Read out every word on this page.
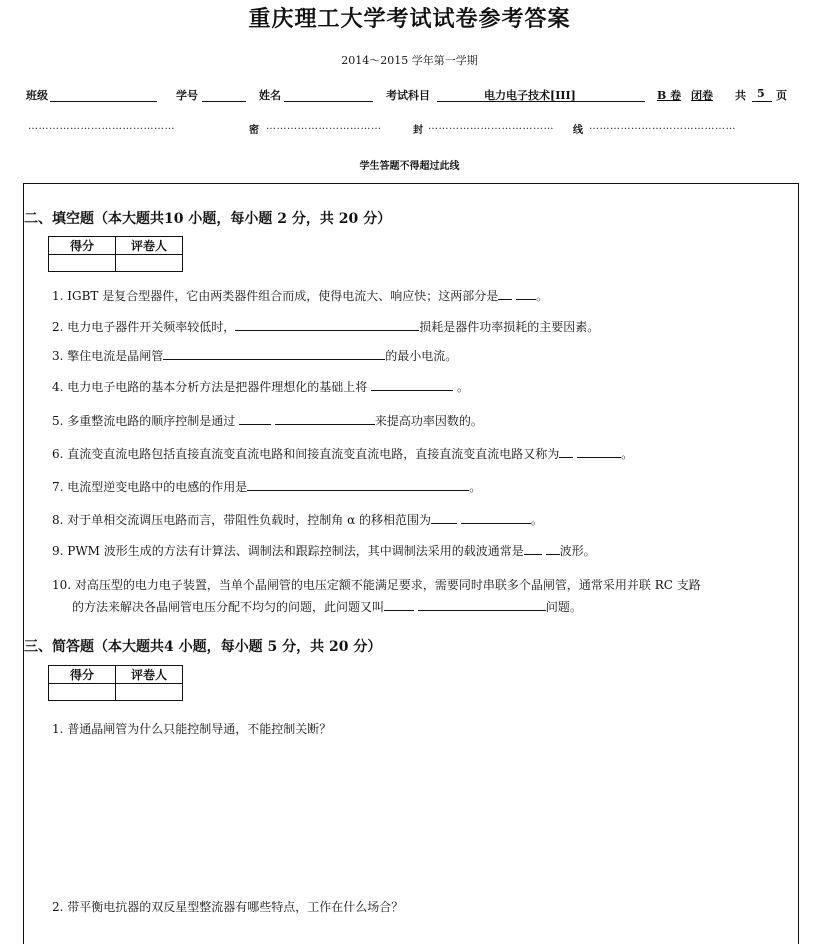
重庆理工大学考试试卷参考答案
2014～2015 学年第一学期
班级	学号	姓名	考试科目	电力电子技术[III]	B 卷 闭卷 共 5 页
……………………………………	密 ……………………………	封 ……………………………… 线 ……………………………………
学生答题不得超过此线
二、填空题（本大题共10 小题，每小题 2 分，共 20 分）
得分	评卷人

1. IGBT 是复合型器件，它由两类器件组合而成，使得电流大、响应快；这两部分是	。
2. 电力电子器件开关频率较低时，	损耗是器件功率损耗的主要因素。
3. 擎住电流是晶闸管	的最小电流。
4. 电力电子电路的基本分析方法是把器件理想化的基础上将	。
5. 多重整流电路的顺序控制是通过	来提高功率因数的。
6. 直流变直流电路包括直接直流变直流电路和间接直流变直流电路，直接直流变直流电路又称为	。
7. 电流型逆变电路中的电感的作用是	。
8. 对于单相交流调压电路而言，带阻性负载时，控制角 α 的移相范围为	。
9. PWM 波形生成的方法有计算法、调制法和跟踪控制法，其中调制法采用的载波通常是	波形。
10. 对高压型的电力电子装置，当单个晶闸管的电压定额不能满足要求，需要同时串联多个晶闸管，通常采用并联 RC 支路
的方法来解决各晶闸管电压分配不均匀的问题，此问题又叫	问题。
三、简答题（本大题共4 小题，每小题 5 分，共 20 分）
得分	评卷人

1. 普通晶闸管为什么只能控制导通，不能控制关断？
2. 带平衡电抗器的双反星型整流器有哪些特点，工作在什么场合？
